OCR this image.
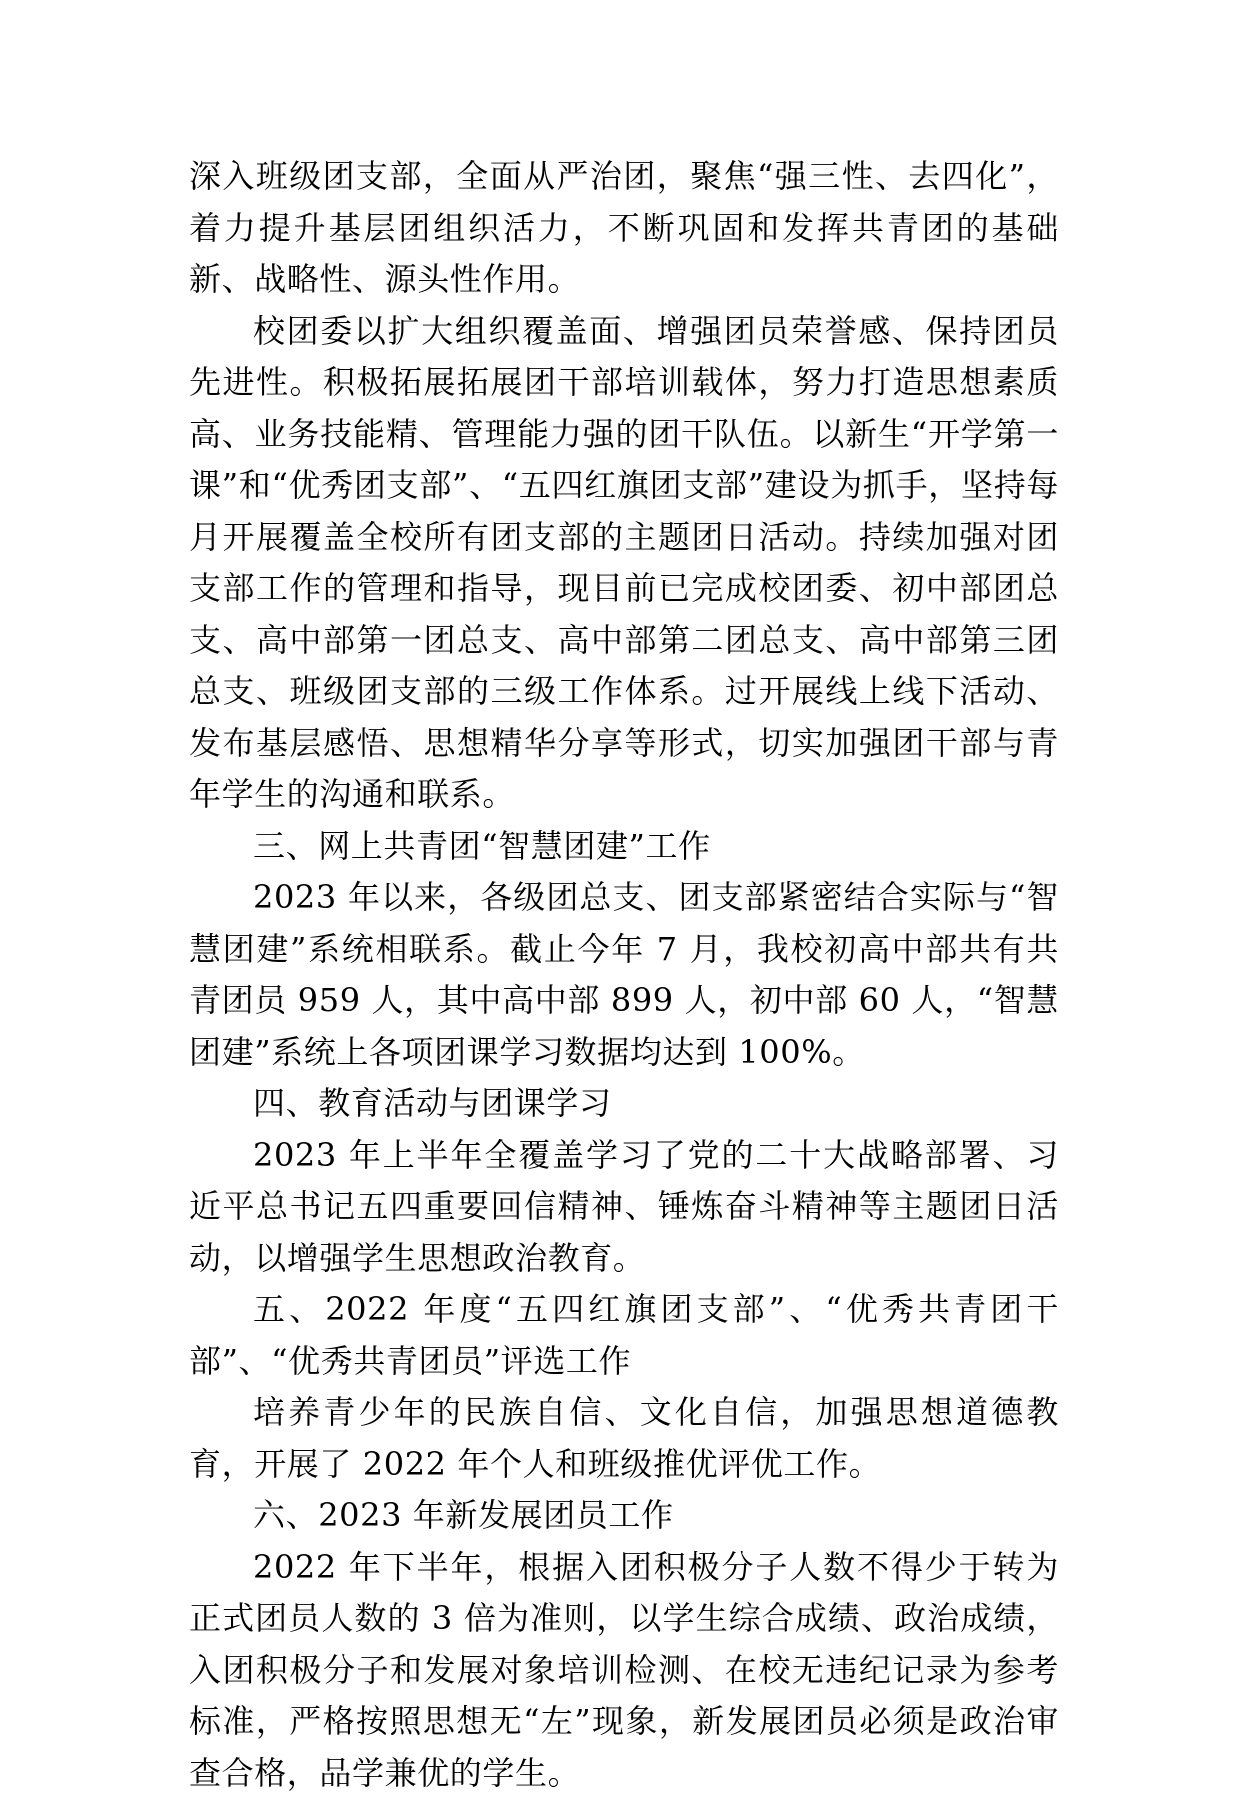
深入班级团支部，全面从严治团，聚焦“强三性、去四化”，着力提升基层团组织活力，不断巩固和发挥共青团的基础新、战略性、源头性作用。

校团委以扩大组织覆盖面、增强团员荣誉感、保持团员先进性。积极拓展拓展团干部培训载体，努力打造思想素质高、业务技能精、管理能力强的团干队伍。以新生“开学第一课”和“优秀团支部”、“五四红旗团支部”建设为抓手，坚持每月开展覆盖全校所有团支部的主题团日活动。持续加强对团支部工作的管理和指导，现目前已完成校团委、初中部团总支、高中部第一团总支、高中部第二团总支、高中部第三团总支、班级团支部的三级工作体系。过开展线上线下活动、发布基层感悟、思想精华分享等形式，切实加强团干部与青年学生的沟通和联系。

三、网上共青团“智慧团建”工作

2023 年以来，各级团总支、团支部紧密结合实际与“智慧团建”系统相联系。截止今年 7 月，我校初高中部共有共青团员 959 人，其中高中部 899 人，初中部 60 人，“智慧团建”系统上各项团课学习数据均达到 100%。

四、教育活动与团课学习

2023 年上半年全覆盖学习了党的二十大战略部署、习近平总书记五四重要回信精神、锤炼奋斗精神等主题团日活动，以增强学生思想政治教育。

五、2022 年度“五四红旗团支部”、“优秀共青团干部”、“优秀共青团员”评选工作

培养青少年的民族自信、文化自信，加强思想道德教育，开展了 2022 年个人和班级推优评优工作。

六、2023 年新发展团员工作

2022 年下半年，根据入团积极分子人数不得少于转为正式团员人数的 3 倍为准则，以学生综合成绩、政治成绩，入团积极分子和发展对象培训检测、在校无违纪记录为参考标准，严格按照思想无“左”现象，新发展团员必须是政治审查合格，品学兼优的学生。
